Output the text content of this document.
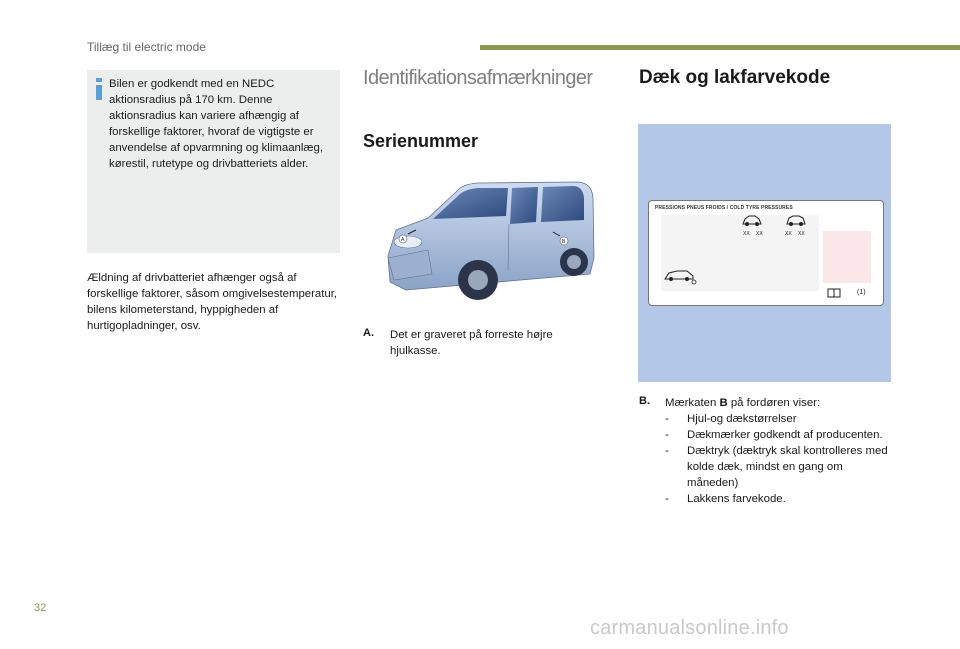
Tillæg til electric mode
Bilen er godkendt med en NEDC aktionsradius på 170 km. Denne aktionsradius kan variere afhængig af forskellige faktorer, hvoraf de vigtigste er anvendelse af opvarmning og klimaanlæg, kørestil, rutetype og drivbatteriets alder.
Ældning af drivbatteriet afhænger også af forskellige faktorer, såsom omgivelsestemperatur, bilens kilometerstand, hyppigheden af hurtigopladninger, osv.
Identifikationsafmærkninger Dæk og lakfarvekode
Serienummer
A	B
A. Det er graveret på forreste højre hjulkasse.
PRESSIONS PNEUS FROIDS / COLD TYRE PRESSURES
XX XX	XX XX
(1)
B. Mærkaten B på fordøren viser:
- Hjul-og dækstørrelser
- Dækmærker godkendt af producenten.
- Dæktryk (dæktryk skal kontrolleres med kolde dæk, mindst en gang om måneden)
- Lakkens farvekode.
32
carmanualsonline.info
